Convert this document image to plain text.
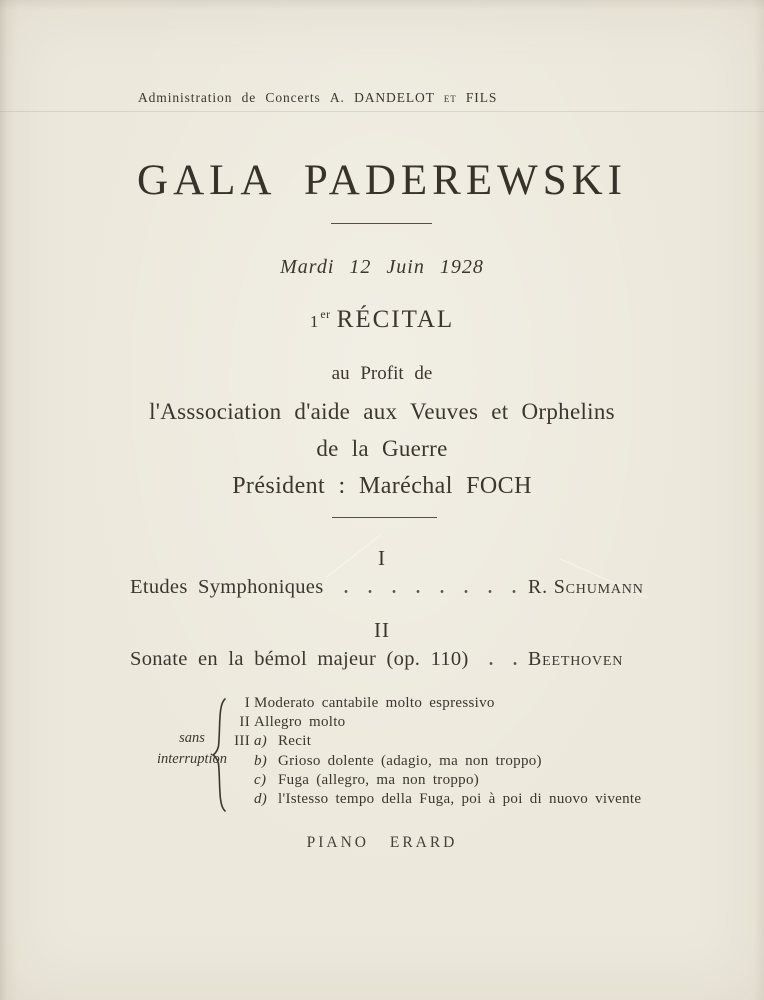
Administration de Concerts A. DANDELOT et FILS
GALA PADEREWSKI
Mardi 12 Juin 1928
1er RÉCITAL
au Profit de
l'Asssociation d'aide aux Veuves et Orphelins
de la Guerre
Président : Maréchal FOCH
I
Etudes Symphoniques	R. Schumann
II
Sonate en la bémol majeur (op. 110)	Beethoven
sans
interruption
I Moderato cantabile molto espressivo
II Allegro molto
III a) Recit
b) Grioso dolente (adagio, ma non troppo)
c) Fuga (allegro, ma non troppo)
d) l'Istesso tempo della Fuga, poi à poi di nuovo vivente
PIANO ERARD
